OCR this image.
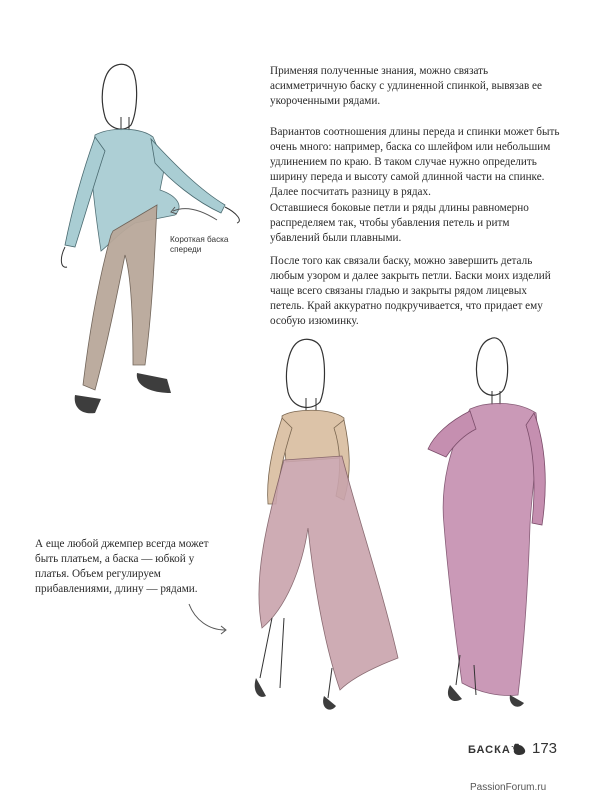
Короткая баска спереди

Применяя полученные знания, можно связать асимметричную баску с удлиненной спинкой, вывязав ее укороченными рядами.

Вариантов соотношения длины переда и спинки может быть очень много: например, баска со шлейфом или небольшим удлинением по краю. В таком случае нужно определить ширину переда и высоту самой длинной части на спинке. Далее посчитать разницу в рядах.

Оставшиеся боковые петли и ряды длины равномерно распределяем так, чтобы убавления петель и ритм убавлений были плавными.

После того как связали баску, можно завершить деталь любым узором и далее закрыть петли. Баски моих изделий чаще всего связаны гладью и закрыты рядом лицевых петель. Край аккуратно подкручивается, что придает ему особую изюминку.

А еще любой джемпер всегда может быть платьем, а баска — юбкой у платья. Объем регулируем прибавлениями, длину — рядами.

БАСКА 173
PassionForum.ru
